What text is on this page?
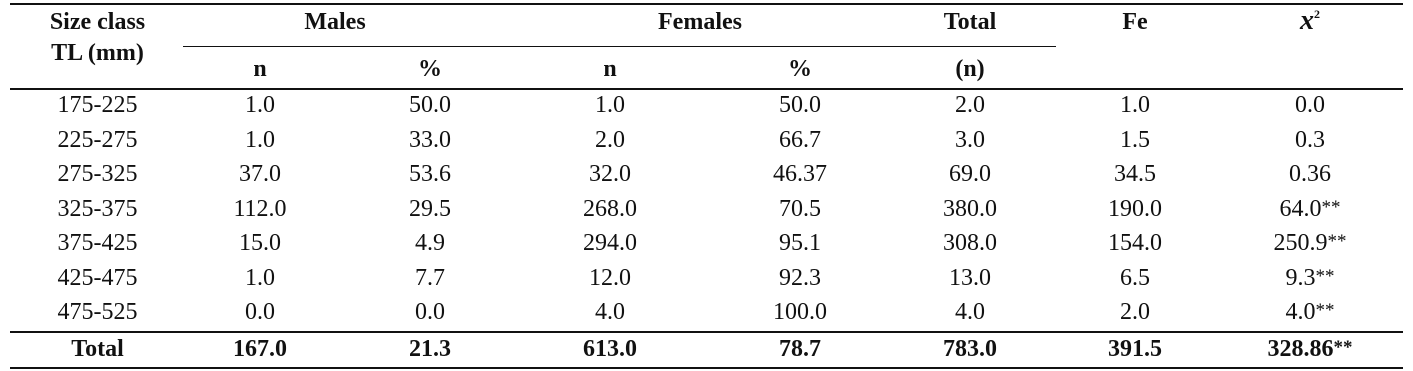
Size class
TL (mm)
Males	Females	Total	Fe	$x^2$
n	%	n	%	(n)
175-225	1.0	50.0	1.0	50.0	2.0	1.0	0.0
225-275	1.0	33.0	2.0	66.7	3.0	1.5	0.3
275-325	37.0	53.6	32.0	46.37	69.0	34.5	0.36
325-375	112.0	29.5	268.0	70.5	380.0	190.0	64.0**
375-425	15.0	4.9	294.0	95.1	308.0	154.0	250.9**
425-475	1.0	7.7	12.0	92.3	13.0	6.5	9.3**
475-525	0.0	0.0	4.0	100.0	4.0	2.0	4.0**
Total	167.0	21.3	613.0	78.7	783.0	391.5	328.86**
